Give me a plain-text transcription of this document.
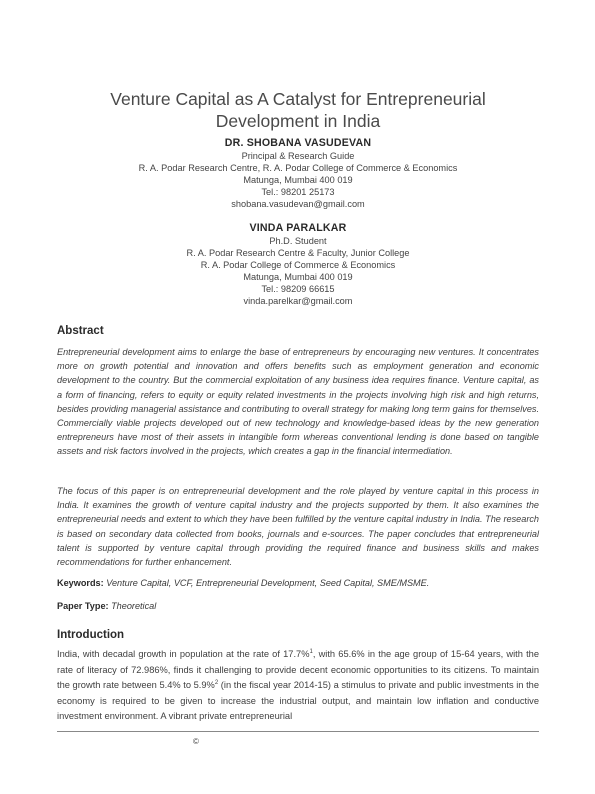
Venture Capital as A Catalyst for Entrepreneurial
Development in India
DR. SHOBANA VASUDEVAN
Principal & Research Guide
R. A. Podar Research Centre, R. A. Podar College of Commerce & Economics
Matunga, Mumbai 400 019
Tel.: 98201 25173
shobana.vasudevan@gmail.com
VINDA PARALKAR
Ph.D. Student
R. A. Podar Research Centre & Faculty, Junior College
R. A. Podar College of Commerce & Economics
Matunga, Mumbai 400 019
Tel.: 98209 66615
vinda.parelkar@gmail.com
Abstract
Entrepreneurial development aims to enlarge the base of entrepreneurs by encouraging new ventures. It concentrates more on growth potential and innovation and offers benefits such as employment generation and economic development to the country. But the commercial exploitation of any business idea requires finance. Venture capital, as a form of financing, refers to equity or equity related investments in the projects involving high risk and high returns, besides providing managerial assistance and contributing to overall strategy for making long term gains for themselves. Commercially viable projects developed out of new technology and knowledge-based ideas by the new generation entrepreneurs have most of their assets in intangible form whereas conventional lending is done based on tangible assets and risk factors involved in the projects, which creates a gap in the financial intermediation.
The focus of this paper is on entrepreneurial development and the role played by venture capital in this process in India. It examines the growth of venture capital industry and the projects supported by them. It also examines the entrepreneurial needs and extent to which they have been fulfilled by the venture capital industry in India. The research is based on secondary data collected from books, journals and e-sources. The paper concludes that entrepreneurial talent is supported by venture capital through providing the required finance and business skills and makes recommendations for further enhancement.
Keywords: Venture Capital, VCF, Entrepreneurial Development, Seed Capital, SME/MSME.
Paper Type: Theoretical
Introduction
India, with decadal growth in population at the rate of 17.7%$^1$, with 65.6% in the age group of 15-64 years, with the rate of literacy of 72.986%, finds it challenging to provide decent economic opportunities to its citizens. To maintain the growth rate between 5.4% to 5.9%$^2$ (in the fiscal year 2014-15) a stimulus to private and public investments in the economy is required to be given to increase the industrial output, and maintain low inflation and conductive investment environment. A vibrant private entrepreneurial
©
